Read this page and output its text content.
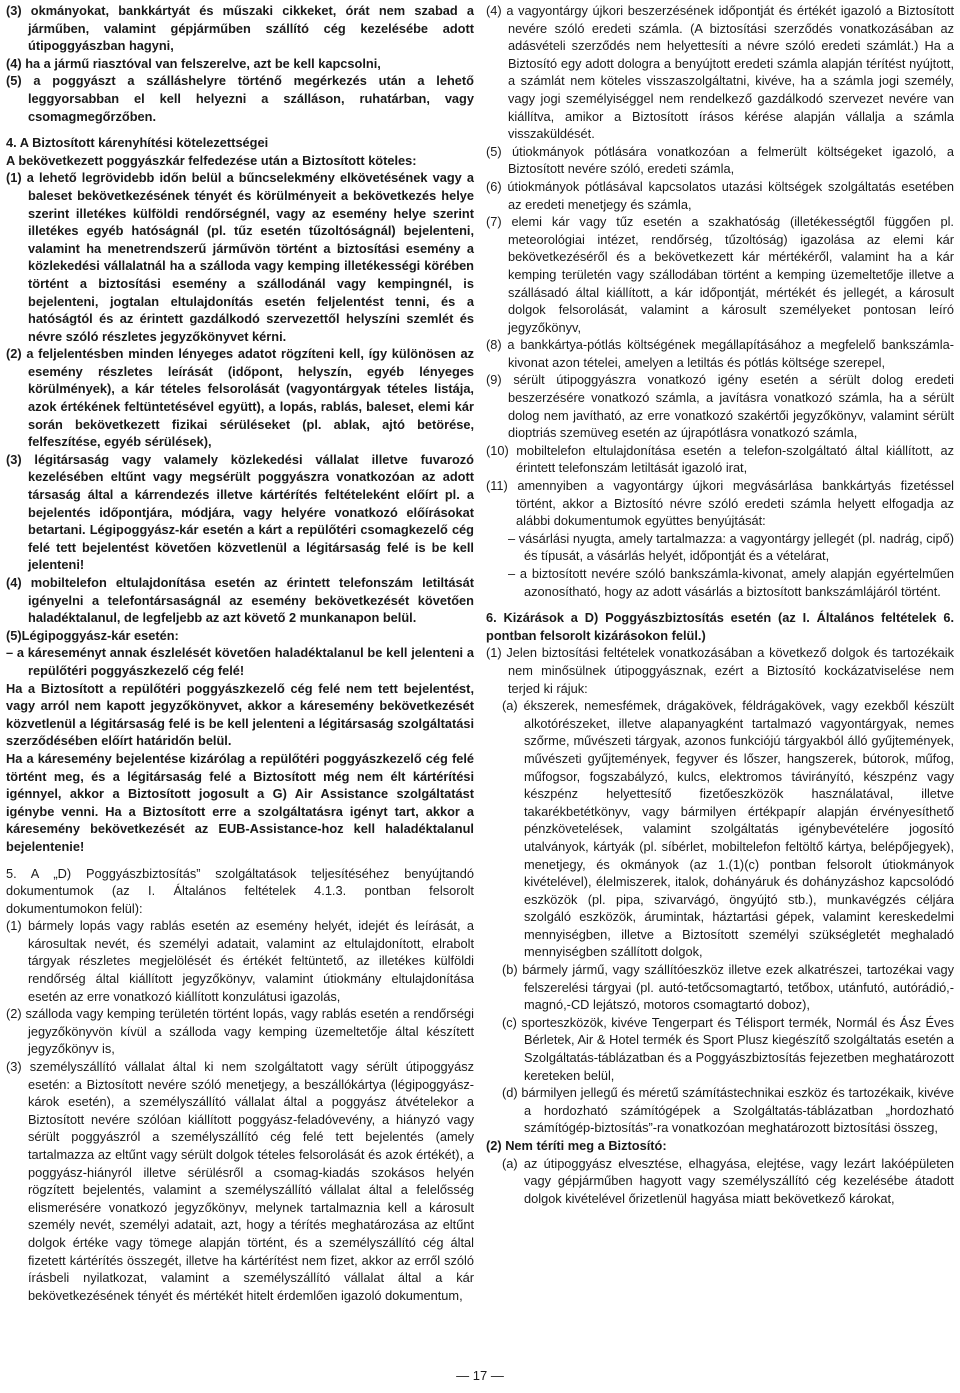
(3) okmányokat, bankkártyát és műszaki cikkeket, órát nem szabad a járműben, valamint gépjárműben szállító cég kezelésébe adott útipoggyászban hagyni,

(4) ha a jármű riasztóval van felszerelve, azt be kell kapcsolni,

(5) a poggyászt a szálláshelyre történő megérkezés után a lehető leggyorsabban el kell helyezni a szálláson, ruhatárban, vagy csomagmegőrzőben.

4. A Biztosított kárenyhítési kötelezettségei

A bekövetkezett poggyászkár felfedezése után a Biztosított köteles:

(1) a lehető legrövidebb időn belül a bűncselekmény elkövetésének vagy a baleset bekövetkezésének tényét és körülményeit a bekövetkezés helye szerint illetékes külföldi rendőrségnél, vagy az esemény helye szerint illetékes egyéb hatóságnál (pl. tűz esetén tűzoltóságnál) bejelenteni, valamint ha menetrendszerű járművön történt a biztosítási esemény a közlekedési vállalatnál ha a szálloda vagy kemping illetékességi körében történt a biztosítási esemény a szállodánál vagy kempingnél, is bejelenteni, jogtalan eltulajdonítás esetén feljelentést tenni, és a hatóságtól és az érintett gazdálkodó szervezettől helyszíni szemlét és névre szóló részletes jegyzőkönyvet kérni.

(2) a feljelentésben minden lényeges adatot rögzíteni kell, így különösen az esemény részletes leírását (időpont, helyszín, egyéb lényeges körülmények), a kár tételes felsorolását (vagyontárgyak tételes listája, azok értékének feltüntetésével együtt), a lopás, rablás, baleset, elemi kár során bekövetkezett fizikai sérüléseket (pl. ablak, ajtó betörése, felfeszítése, egyéb sérülések),

(3) légitársaság vagy valamely közlekedési vállalat illetve fuvarozó kezelésében eltűnt vagy megsérült poggyászra vonatkozóan az adott társaság által a kárrendezés illetve kártérítés feltételeként előírt pl. a bejelentés időpontjára, módjára, vagy helyére vonatkozó előírásokat betartani. Légipoggyász-kár esetén a kárt a repülőtéri csomagkezelő cég felé tett bejelentést követően közvetlenül a légitársaság felé is be kell jelenteni!

(4) mobiltelefon eltulajdonítása esetén az érintett telefonszám letiltását igényelni a telefontársaságnál az esemény bekövetkezését követően haladéktalanul, de legfeljebb az azt követő 2 munkanapon belül.

(5)Légipoggyász-kár esetén:

– a káreseményt annak észlelését követően haladéktalanul be kell jelenteni a repülőtéri poggyászkezelő cég felé!

Ha a Biztosított a repülőtéri poggyászkezelő cég felé nem tett bejelentést, vagy arról nem kapott jegyzőkönyvet, akkor a káresemény bekövetkezését közvetlenül a légitársaság felé is be kell jelenteni a légitársaság szolgáltatási szerződésében előírt határidőn belül.

Ha a káresemény bejelentése kizárólag a repülőtéri poggyászkezelő cég felé történt meg, és a légitársaság felé a Biztosított még nem élt kártérítési igénnyel, akkor a Biztosított jogosult a G) Air Assistance szolgáltatást igénybe venni. Ha a Biztosított erre a szolgáltatásra igényt tart, akkor a káresemény bekövetkezését az EUB-Assistance-hoz kell haladéktalanul bejelentenie!

5. A „D) Poggyászbiztosítás” szolgáltatások teljesítéséhez benyújtandó dokumentumok (az I. Általános feltételek 4.1.3. pontban felsorolt dokumentumokon felül):

(1) bármely lopás vagy rablás esetén az esemény helyét, idejét és leírását, a károsultak nevét, és személyi adatait, valamint az eltulajdonított, elrabolt tárgyak részletes megjelölését és értékét feltüntető, az illetékes külföldi rendőrség által kiállított jegyzőkönyv, valamint útiokmány eltulajdonítása esetén az erre vonatkozó kiállított konzulátusi igazolás,

(2) szálloda vagy kemping területén történt lopás, vagy rablás esetén a rendőrségi jegyzőkönyvön kívül a szálloda vagy kemping üzemeltetője által készített jegyzőkönyv is,

(3) személyszállító vállalat által ki nem szolgáltatott vagy sérült útipoggyász esetén: a Biztosított nevére szóló menetjegy, a beszállókártya (légipoggyász-károk esetén), a személyszállító vállalat által a poggyász átvételekor a Biztosított nevére szólóan kiállított poggyász-feladóvevény, a hiányzó vagy sérült poggyászról a személyszállító cég felé tett bejelentés (amely tartalmazza az eltűnt vagy sérült dolgok tételes felsorolását és azok értékét), a poggyász-hiányról illetve sérülésről a csomag-kiadás szokásos helyén rögzített bejelentés, valamint a személyszállító vállalat által a felelősség elismerésére vonatkozó jegyzőkönyv, melynek tartalmaznia kell a károsult személy nevét, személyi adatait, azt, hogy a térítés meghatározása az eltűnt dolgok értéke vagy tömege alapján történt, és a személyszállító cég által fizetett kártérítés összegét, illetve ha kártérítést nem fizet, akkor az erről szóló írásbeli nyilatkozat, valamint a személyszállító vállalat által a kár bekövetkezésének tényét és mértékét hitelt érdemlően igazoló dokumentum,

(4) a vagyontárgy újkori beszerzésének időpontját és értékét igazoló a Biztosított nevére szóló eredeti számla. (A biztosítási szerződés vonatkozásában az adásvételi szerződés nem helyettesíti a névre szóló eredeti számlát.) Ha a Biztosító egy adott dologra a benyújtott eredeti számla alapján térítést nyújtott, a számlát nem köteles visszaszolgáltatni, kivéve, ha a számla jogi személy, vagy jogi személyiséggel nem rendelkező gazdálkodó szervezet nevére van kiállítva, amikor a Biztosított írásos kérése alapján vállalja a számla visszaküldését.

(5) útiokmányok pótlására vonatkozóan a felmerült költségeket igazoló, a Biztosított nevére szóló, eredeti számla,

(6) útiokmányok pótlásával kapcsolatos utazási költségek szolgáltatás esetében az eredeti menetjegy és számla,

(7) elemi kár vagy tűz esetén a szakhatóság (illetékességtől függően pl. meteorológiai intézet, rendőrség, tűzoltóság) igazolása az elemi kár bekövetkezéséről és a bekövetkezett kár mértékéről, valamint ha a kár kemping területén vagy szállodában történt a kemping üzemeltetője illetve a szállásadó által kiállított, a kár időpontját, mértékét és jellegét, a károsult dolgok felsorolását, valamint a károsult személyeket pontosan leíró jegyzőkönyv,

(8) a bankkártya-pótlás költségének megállapításához a megfelelő bankszámla-kivonat azon tételei, amelyen a letiltás és pótlás költsége szerepel,

(9) sérült útipoggyászra vonatkozó igény esetén a sérült dolog eredeti beszerzésére vonatkozó számla, a javításra vonatkozó számla, ha a sérült dolog nem javítható, az erre vonatkozó szakértői jegyzőkönyv, valamint sérült dioptriás szemüveg esetén az újrapótlásra vonatkozó számla,

(10) mobiltelefon eltulajdonítása esetén a telefon-szolgáltató által kiállított, az érintett telefonszám letiltását igazoló irat,

(11) amennyiben a vagyontárgy újkori megvásárlása bankkártyás fizetéssel történt, akkor a Biztosító névre szóló eredeti számla helyett elfogadja az alábbi dokumentumok együttes benyújtását:

– vásárlási nyugta, amely tartalmazza: a vagyontárgy jellegét (pl. nadrág, cipő) és típusát, a vásárlás helyét, időpontját és a vételárat,

– a biztosított nevére szóló bankszámla-kivonat, amely alapján egyértelműen azonosítható, hogy az adott vásárlás a biztosított bankszámlájáról történt.

6. Kizárások a D) Poggyászbiztosítás esetén (az I. Általános feltételek 6. pontban felsorolt kizárásokon felül.)

(1) Jelen biztosítási feltételek vonatkozásában a következő dolgok és tartozékaik nem minősülnek útipoggyásznak, ezért a Biztosító kockázatviselése nem terjed ki rájuk:

(a) ékszerek, nemesfémek, drágakövek, féldrágakövek, vagy ezekből készült alkotórészeket, illetve alapanyagként tartalmazó vagyontárgyak, nemes szőrme, művészeti tárgyak, azonos funkciójú tárgyakból álló gyűjtemények, művészeti gyűjtemények, fegyver és lőszer, hangszerek, bútorok, műfog, műfogsor, fogszabályzó, kulcs, elektromos távirányító, készpénz vagy készpénz helyettesítő fizetőeszközök használatával, illetve takarékbetétkönyv, vagy bármilyen értékpapír alapján érvényesíthető pénzkövetelések, valamint szolgáltatás igénybevételére jogosító utalványok, kártyák (pl. síbérlet, mobiltelefon feltöltő kártya, belépőjegyek), menetjegy, és okmányok (az 1.(1)(c) pontban felsorolt útiokmányok kivételével), élelmiszerek, italok, dohányáruk és dohányzáshoz kapcsolódó eszközök (pl. pipa, szivarvágó, öngyújtó stb.), munkavégzés céljára szolgáló eszközök, árumintak, háztartási gépek, valamint kereskedelmi mennyiségben, illetve a Biztosított személyi szükségletét meghaladó mennyiségben szállított dolgok,

(b) bármely jármű, vagy szállítóeszköz illetve ezek alkatrészei, tartozékai vagy felszerelési tárgyai (pl. autó-tetőcsomagtartó, tetőbox, utánfutó, autórádió,-magnó,-CD lejátszó, motoros csomagtartó doboz),

(c) sporteszközök, kivéve Tengerpart és Télisport termék, Normál és Ász Éves Bérletek, Air & Hotel termék és Sport Plusz kiegészítő szolgáltatás esetén a Szolgáltatás-táblázatban és a Poggyászbiztosítás fejezetben meghatározott kereteken belül,

(d) bármilyen jellegű és méretű számítástechnikai eszköz és tartozékaik, kivéve a hordozható számítógépek a Szolgáltatás-táblázatban „hordozható számítógép-biztosítás”-ra vonatkozóan meghatározott biztosítási összeg,

(2) Nem téríti meg a Biztosító:

(a) az útipoggyász elvesztése, elhagyása, elejtése, vagy lezárt lakóépületen vagy gépjárműben hagyott vagy személyszállító cég kezelésébe átadott dolgok kivételével őrizetlenül hagyása miatt bekövetkező károkat,

— 17 —
